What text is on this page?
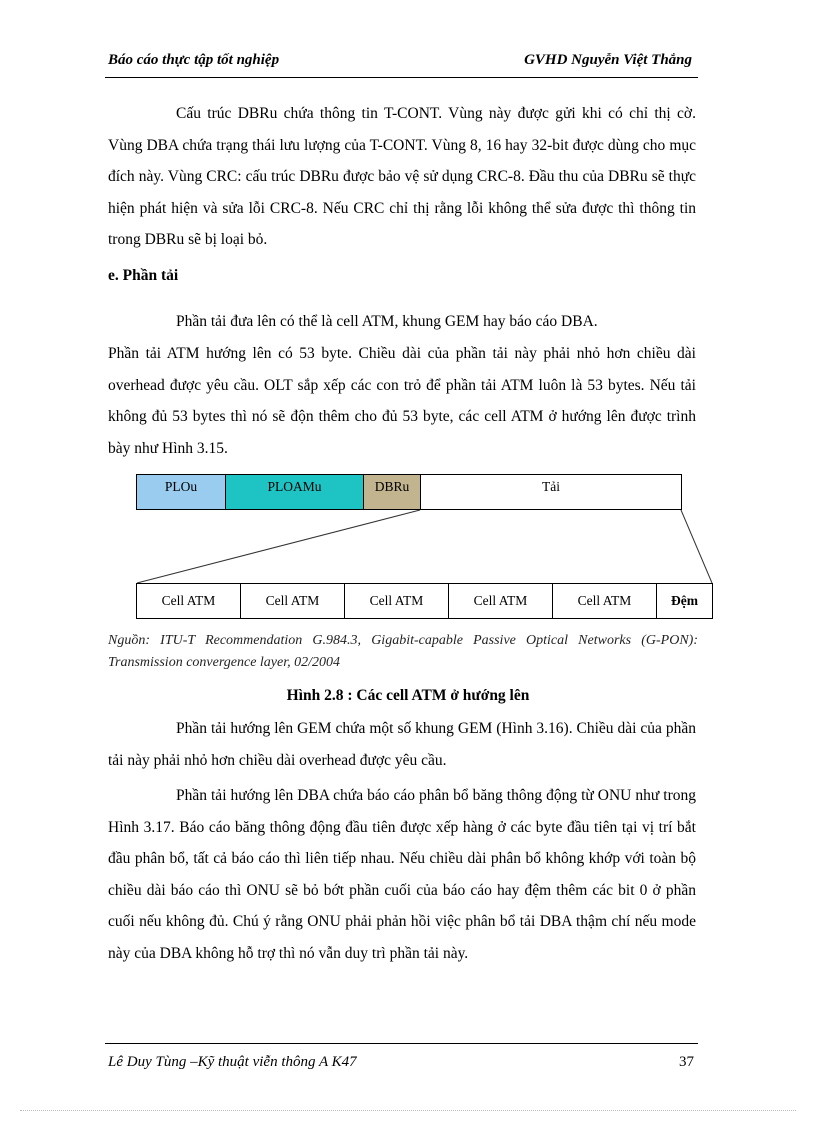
Báo cáo thực tập tốt nghiệp	GVHD Nguyễn Việt Thắng

Cấu trúc DBRu chứa thông tin T-CONT. Vùng này được gửi khi có chỉ thị cờ. Vùng DBA chứa trạng thái lưu lượng của T-CONT. Vùng 8, 16 hay 32-bit được dùng cho mục đích này. Vùng CRC: cấu trúc DBRu được bảo vệ sử dụng CRC-8. Đầu thu của DBRu sẽ thực hiện phát hiện và sửa lỗi CRC-8. Nếu CRC chỉ thị rằng lỗi không thể sửa được thì thông tin trong DBRu sẽ bị loại bỏ.

e. Phần tải

Phần tải đưa lên có thể là cell ATM, khung GEM hay báo cáo DBA.

Phần tải ATM hướng lên có 53 byte. Chiều dài của phần tải này phải nhỏ hơn chiều dài overhead được yêu cầu. OLT sắp xếp các con trỏ để phần tải ATM luôn là 53 bytes. Nếu tải không đủ 53 bytes thì nó sẽ độn thêm cho đủ 53 byte, các cell ATM ở hướng lên được trình bày như Hình 3.15.

PLOu	PLOAMu	DBRu	Tải
Cell ATM	Cell ATM	Cell ATM	Cell ATM	Cell ATM	Đệm
Nguồn: ITU-T Recommendation G.984.3, Gigabit-capable Passive Optical Networks (G-PON): Transmission convergence layer, 02/2004
Hình 2.8 : Các cell ATM ở hướng lên

Phần tải hướng lên GEM chứa một số khung GEM (Hình 3.16). Chiều dài của phần tải này phải nhỏ hơn chiều dài overhead được yêu cầu.

Phần tải hướng lên DBA chứa báo cáo phân bổ băng thông động từ ONU như trong Hình 3.17. Báo cáo băng thông động đầu tiên được xếp hàng ở các byte đầu tiên tại vị trí bắt đầu phân bổ, tất cả báo cáo thì liên tiếp nhau. Nếu chiều dài phân bổ không khớp với toàn bộ chiều dài báo cáo thì ONU sẽ bỏ bớt phần cuối của báo cáo hay đệm thêm các bit 0 ở phần cuối nếu không đủ. Chú ý rằng ONU phải phản hồi việc phân bổ tải DBA thậm chí nếu mode này của DBA không hỗ trợ thì nó vẫn duy trì phần tải này.

Lê Duy Tùng –Kỹ thuật viễn thông A K47	37
